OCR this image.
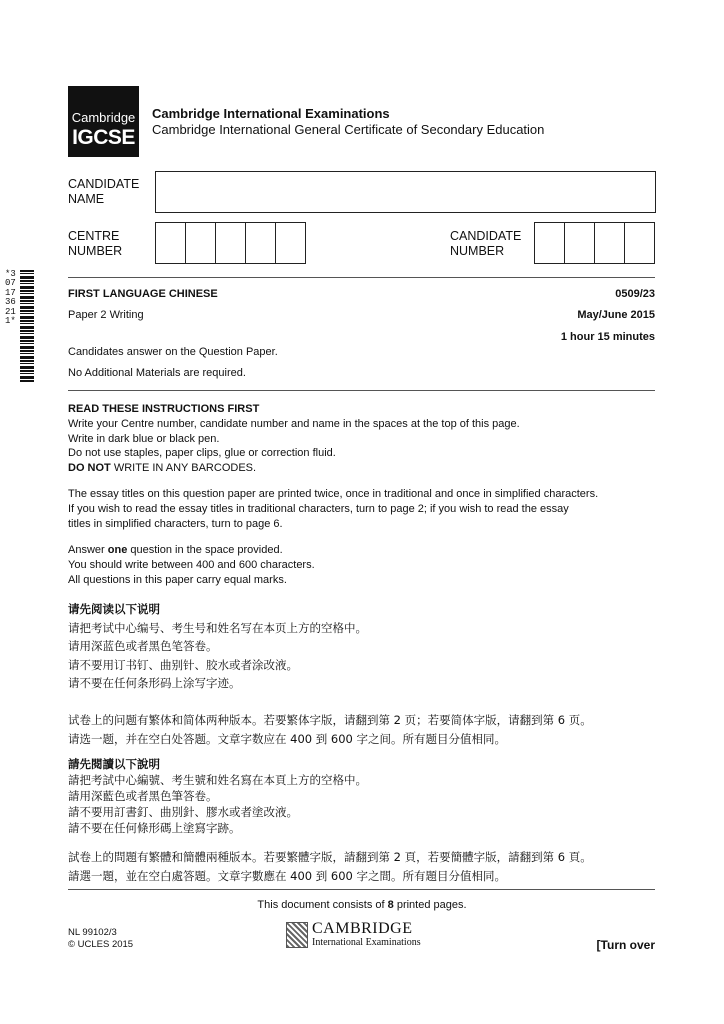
Cambridge
IGCSE
Cambridge International Examinations
Cambridge International General Certificate of Secondary Education
CANDIDATE
NAME
CENTRE
NUMBER
CANDIDATE
NUMBER
*3071736211*
FIRST LANGUAGE CHINESE	0509/23
Paper 2 Writing	May/June 2015
1 hour 15 minutes
Candidates answer on the Question Paper.
No Additional Materials are required.
READ THESE INSTRUCTIONS FIRST
Write your Centre number, candidate number and name in the spaces at the top of this page.
Write in dark blue or black pen.
Do not use staples, paper clips, glue or correction fluid.
DO NOT WRITE IN ANY BARCODES.
The essay titles on this question paper are printed twice, once in traditional and once in simplified characters.
If you wish to read the essay titles in traditional characters, turn to page 2; if you wish to read the essay
titles in simplified characters, turn to page 6.
Answer one question in the space provided.
You should write between 400 and 600 characters.
All questions in this paper carry equal marks.
请先阅读以下说明
请把考试中心编号、考生号和姓名写在本页上方的空格中。
请用深蓝色或者黑色笔答卷。
请不要用订书钉、曲别针、胶水或者涂改液。
请不要在任何条形码上涂写字迹。
试卷上的问题有繁体和简体两种版本。若要繁体字版，请翻到第 2 页；若要简体字版，请翻到第 6 页。
请选一题，并在空白处答题。文章字数应在 400 到 600 字之间。所有题目分值相同。
請先閱讀以下說明
請把考試中心編號、考生號和姓名寫在本頁上方的空格中。
請用深藍色或者黑色筆答卷。
請不要用訂書釘、曲別針、膠水或者塗改液。
請不要在任何條形碼上塗寫字跡。
試卷上的問題有繁體和簡體兩種版本。若要繁體字版，請翻到第 2 頁，若要簡體字版，請翻到第 6 頁。
請選一題，並在空白處答題。文章字數應在 400 到 600 字之間。所有題目分值相同。
This document consists of 8 printed pages.
NL 99102/3
© UCLES 2015
CAMBRIDGE
International Examinations	[Turn over
